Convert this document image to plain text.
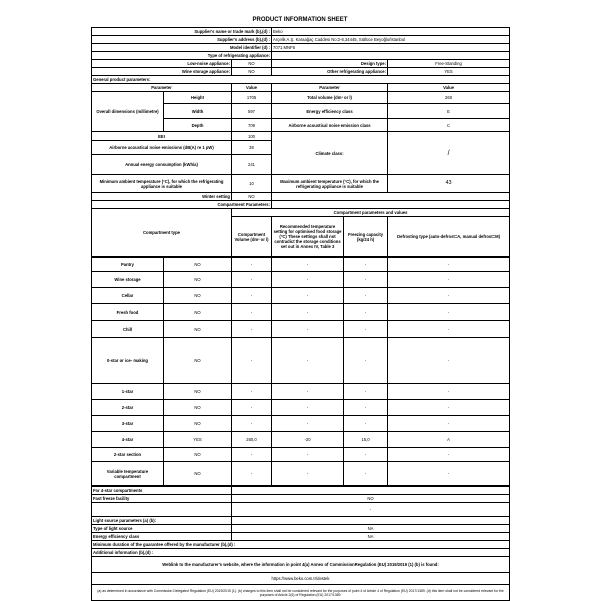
PRODUCT INFORMATION SHEET
Supplier's name or trade mark (b),(d) :			Beko		
Supplier's address (b),(d) :			Arçelik A.Ş. Karaağaç Caddesi No:2-6,34445, Sütlüce Beyoğlu/İstanbul		
Model identifier (d) :			7071 MNF8		
Type of refrigerating appliance:					
Low-noise appliance:		NO	Design type:		Free-Standing
Wine storage appliance:		NO	Other refrigerating appliance:		YES
General product parameters:					
Parameter		Value	Parameter		Value
Overall dimensions (millimetre)	Height	1705	Total volume (dm³ or l)		260
	Width	597	Energy efficiency class		E
	Depth	709	Airborne acoustical noise emission class		C
EEI		100	Climate class:		/
Airborne acoustical noise emissions (dB(A) re 1 pW)		38			
Annual energy consumption (kWh/a)		241			
Minimum ambient temperature (°C), for which the refrigerating appliance is suitable		10	Maximum ambient temperature (°C), for which the refrigerating appliance is suitable		43
Winter setting		NO			
Compartment Parameters:					
Compartment type		Compartment parameters and values			
		Compartment Volume (dm³ or l)	Recommended temperature setting for optimised food storage (°C) These settings shall not contradict the storage conditions set out in Annex IV, Table 3	Freezing capacity (kg/24 h)	Defrosting type (auto-defrost=A, manual defrost=M)
Pantry	NO	-	-	-	-
Wine storage	NO	-	-	-	-
Cellar	NO	-	-	-	-
Fresh food	NO	-	-	-	-
Chill	NO	-	-	-	-
0-star or ice- making	NO	-	-	-	-
1-star	NO	-	-	-	-
2-star	NO	-	-	-	-
3-star	NO	-	-	-	-
4-star	YES	260,0	-20	15,0	A
2-star section	NO	-	-	-	-
Variable temperature compartment	NO	-	-	-	-
For 4-star compartments	
Fast freeze facility	NO
	-
Light source parameters (a) (b):	
Type of light source	NA
Energy efficiency class	NA
Minimum duration of the guarantee offered by the manufacturer (b),(d) :	
Additional information (b),(d) :	
Weblink to the manufacturer's website, where the information in point 4(a) Annex of CommissionRegulation (EU) 2019/2019 (1) (b) is found:	
https://www.beko.com.tr/destek	
(a) as determined in accordance with Commission Delegated Regulation (EU) 2019/2015 (1). (b) changes to this item shall not be considered relevant for the purposes of point 4 of Article 4 of Regulation (EU) 2017/1369. (d) this item shall not be considered relevant for the purposes of Article 2(6) of Regulation (EU) 2017/1369.	
